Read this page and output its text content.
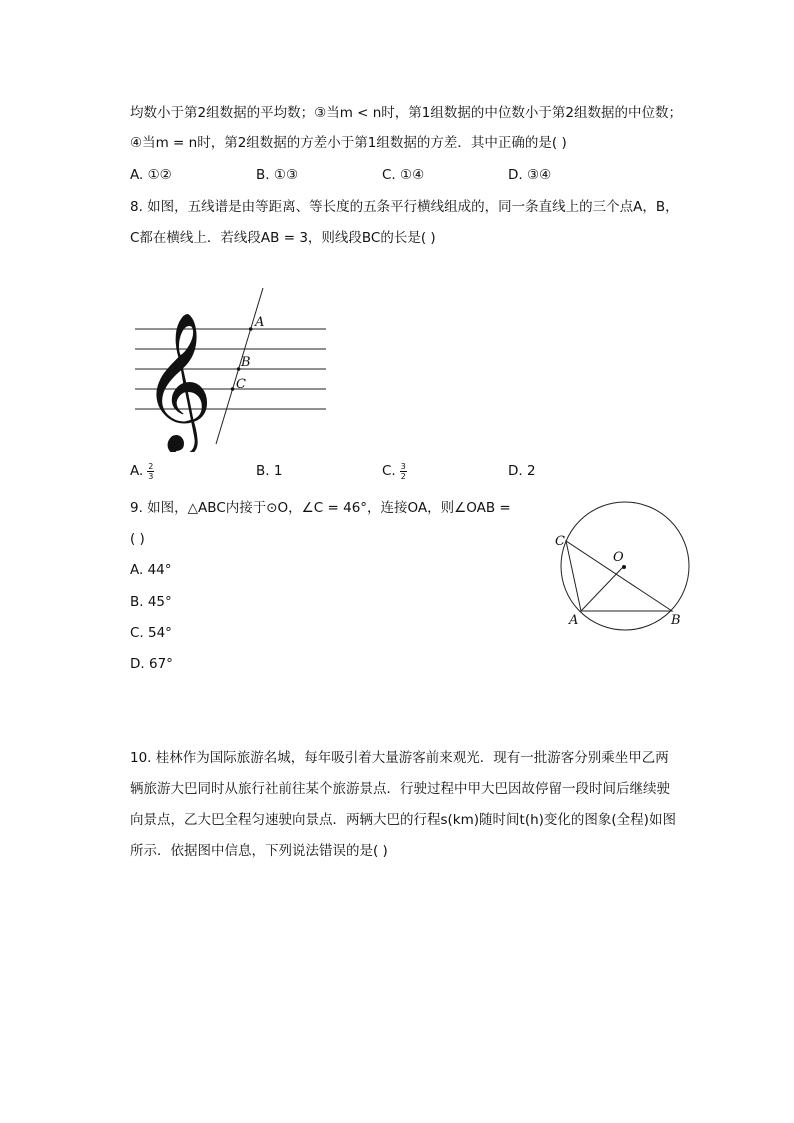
均数小于第2组数据的平均数；③当m < n时，第1组数据的中位数小于第2组数据的中位数；
④当m = n时，第2组数据的方差小于第1组数据的方差．其中正确的是( )
A. ①②	B. ①③	C. ①④	D. ③④
8. 如图，五线谱是由等距离、等长度的五条平行横线组成的，同一条直线上的三个点A，B，
C都在横线上．若线段AB = 3，则线段BC的长是( )
A
B
C
𝄞
A. $\frac{2}{3}$	B. 1	C. $\frac{3}{2}$	D. 2
9. 如图，△ABC内接于⊙O，∠C = 46°，连接OA，则∠OAB =
( )
A. 44°
B. 45°
C. 54°
D. 67°
C
O
A	B
10. 桂林作为国际旅游名城，每年吸引着大量游客前来观光．现有一批游客分别乘坐甲乙两
辆旅游大巴同时从旅行社前往某个旅游景点．行驶过程中甲大巴因故停留一段时间后继续驶
向景点，乙大巴全程匀速驶向景点．两辆大巴的行程s(km)随时间t(h)变化的图象(全程)如图
所示．依据图中信息，下列说法错误的是( )
